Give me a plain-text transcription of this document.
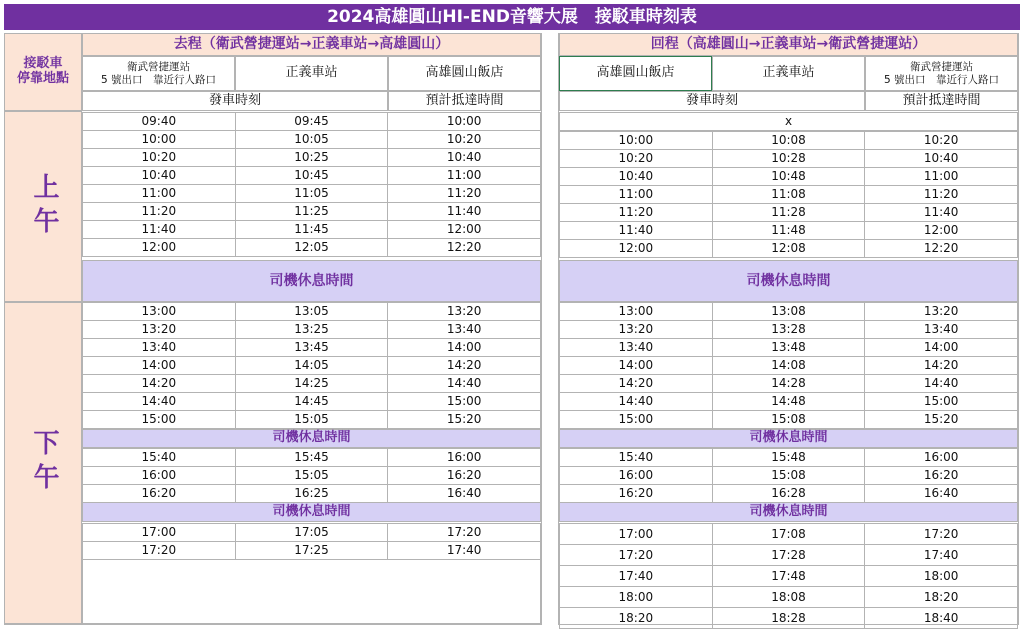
2024高雄圓山HI-END音響大展　接駁車時刻表
接駁車
停靠地點
上午
下午
去程（衛武營捷運站→正義車站→高雄圓山）
衛武營捷運站
5 號出口　靠近行人路口	正義車站	高雄圓山飯店
發車時刻	預計抵達時間
回程（高雄圓山→正義車站→衛武營捷運站）
高雄圓山飯店	正義車站	衛武營捷運站
5 號出口　靠近行人路口
發車時刻	預計抵達時間
09:40	09:45	10:00
10:00	10:05	10:20
10:20	10:25	10:40
10:40	10:45	11:00
11:00	11:05	11:20
11:20	11:25	11:40
11:40	11:45	12:00
12:00	12:05	12:20
司機休息時間
13:00	13:05	13:20
13:20	13:25	13:40
13:40	13:45	14:00
14:00	14:05	14:20
14:20	14:25	14:40
14:40	14:45	15:00
15:00	15:05	15:20
司機休息時間
15:40	15:45	16:00
16:00	15:05	16:20
16:20	16:25	16:40
司機休息時間
17:00	17:05	17:20
17:20	17:25	17:40
x
10:00	10:08	10:20
10:20	10:28	10:40
10:40	10:48	11:00
11:00	11:08	11:20
11:20	11:28	11:40
11:40	11:48	12:00
12:00	12:08	12:20
司機休息時間
13:00	13:08	13:20
13:20	13:28	13:40
13:40	13:48	14:00
14:00	14:08	14:20
14:20	14:28	14:40
14:40	14:48	15:00
15:00	15:08	15:20
司機休息時間
15:40	15:48	16:00
16:00	15:08	16:20
16:20	16:28	16:40
司機休息時間
17:00	17:08	17:20
17:20	17:28	17:40
17:40	17:48	18:00
18:00	18:08	18:20
18:20	18:28	18:40
